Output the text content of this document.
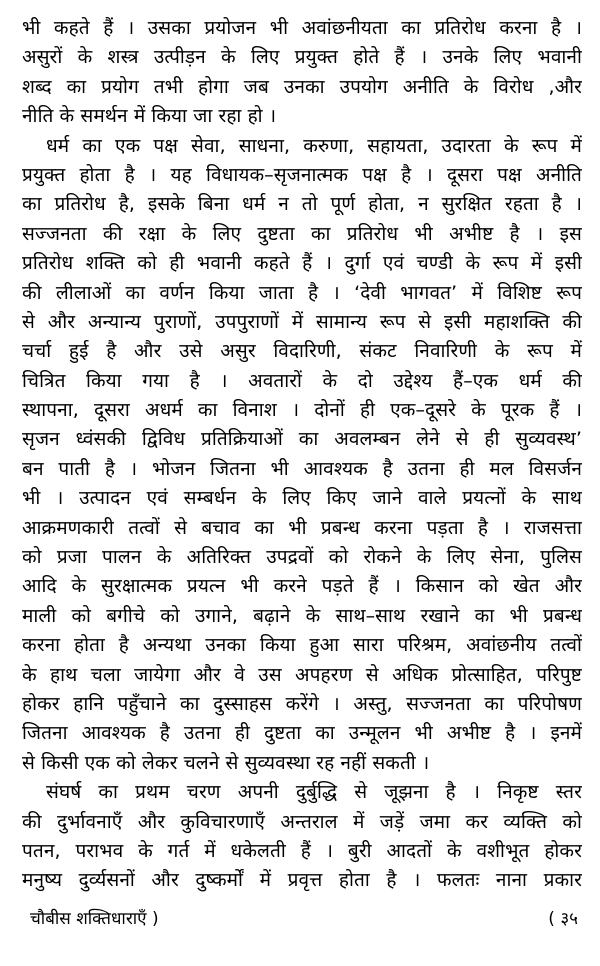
भी कहते हैं । उसका प्रयोजन भी अवांछनीयता का प्रतिरोध करना है ।
असुरों के शस्त्र उत्पीड़न के लिए प्रयुक्त होते हैं । उनके लिए भवानी
शब्द का प्रयोग तभी होगा जब उनका उपयोग अनीति के विरोध ,और
नीति के समर्थन में किया जा रहा हो ।
धर्म का एक पक्ष सेवा, साधना, करुणा, सहायता, उदारता के रूप में
प्रयुक्त होता है । यह विधायक–सृजनात्मक पक्ष है । दूसरा पक्ष अनीति
का प्रतिरोध है, इसके बिना धर्म न तो पूर्ण होता, न सुरक्षित रहता है ।
सज्जनता की रक्षा के लिए दुष्टता का प्रतिरोध भी अभीष्ट है । इस
प्रतिरोध शक्ति को ही भवानी कहते हैं । दुर्गा एवं चण्डी के रूप में इसी
की लीलाओं का वर्णन किया जाता है । ‘देवी भागवत’ में विशिष्ट रूप
से और अन्यान्य पुराणों, उपपुराणों में सामान्य रूप से इसी महाशक्ति की
चर्चा हुई है और उसे असुर विदारिणी, संकट निवारिणी के रूप में
चित्रित किया गया है । अवतारों के दो उद्देश्य हैं–एक धर्म की
स्थापना, दूसरा अधर्म का विनाश । दोनों ही एक–दूसरे के पूरक हैं ।
सृजन ध्वंसकी द्विविध प्रतिक्रियाओं का अवलम्बन लेने से ही सुव्यवस्थ’
बन पाती है । भोजन जितना भी आवश्यक है उतना ही मल विसर्जन
भी । उत्पादन एवं सम्बर्धन के लिए किए जाने वाले प्रयत्नों के साथ
आक्रमणकारी तत्वों से बचाव का भी प्रबन्ध करना पड़ता है । राजसत्ता
को प्रजा पालन के अतिरिक्त उपद्रवों को रोकने के लिए सेना, पुलिस
आदि के सुरक्षात्मक प्रयत्न भी करने पड़ते हैं । किसान को खेत और
माली को बगीचे को उगाने, बढ़ाने के साथ–साथ रखाने का भी प्रबन्ध
करना होता है अन्यथा उनका किया हुआ सारा परिश्रम, अवांछनीय तत्वों
के हाथ चला जायेगा और वे उस अपहरण से अधिक प्रोत्साहित, परिपुष्ट
होकर हानि पहुँचाने का दुस्साहस करेंगे । अस्तु, सज्जनता का परिपोषण
जितना आवश्यक है उतना ही दुष्टता का उन्मूलन भी अभीष्ट है । इनमें
से किसी एक को लेकर चलने से सुव्यवस्था रह नहीं सकती ।
संघर्ष का प्रथम चरण अपनी दुर्बुद्धि से जूझना है । निकृष्ट स्तर
की दुर्भावनाएँ और कुविचारणाएँ अन्तराल में जड़ें जमा कर व्यक्ति को
पतन, पराभव के गर्त में धकेलती हैं । बुरी आदतों के वशीभूत होकर
मनुष्य दुर्व्यसनों और दुष्कर्मों में प्रवृत्त होता है । फलतः नाना प्रकार
चौबीस शक्तिधाराएँ )	( ३५
